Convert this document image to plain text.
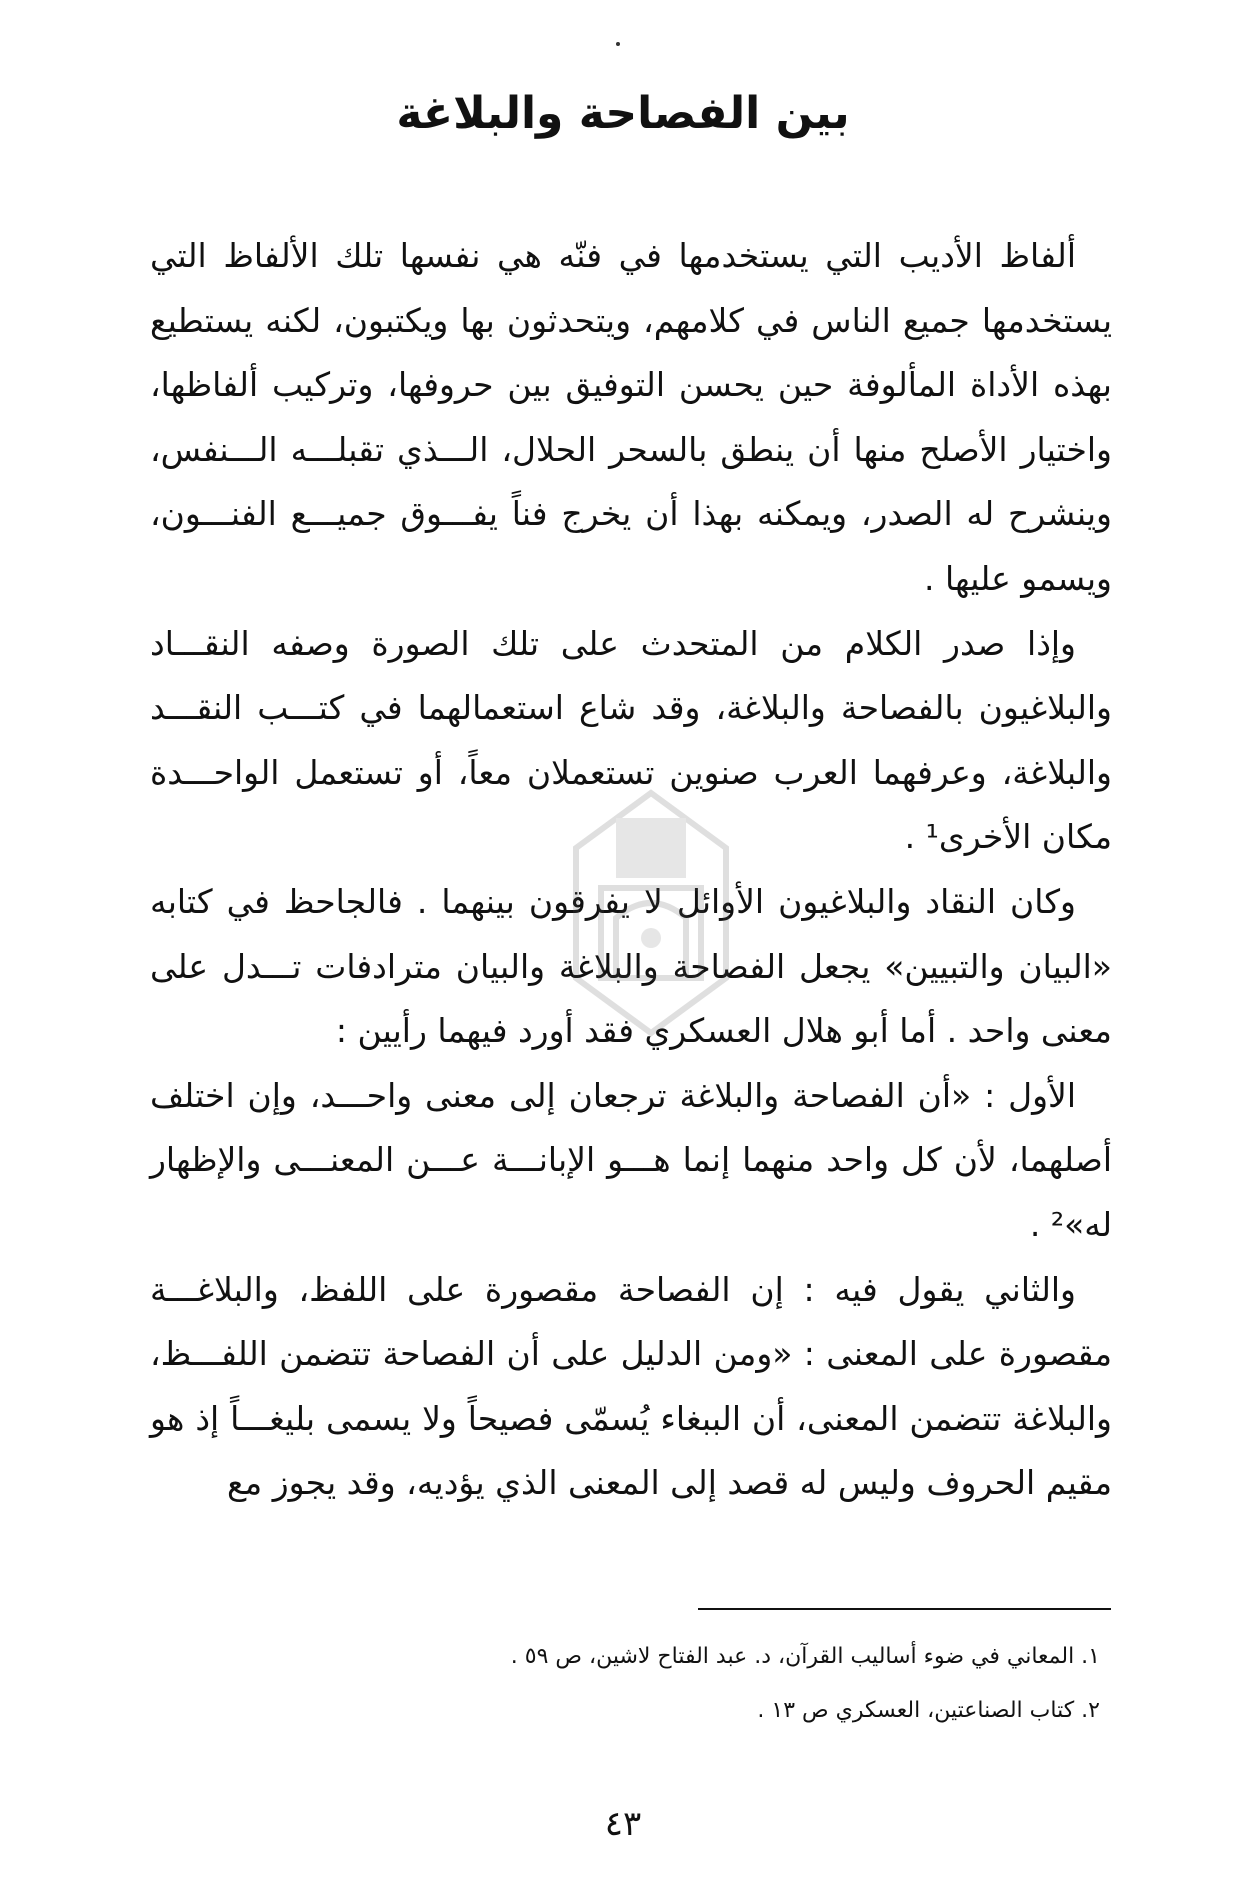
بين الفصاحة والبلاغة

ألفاظ الأديب التي يستخدمها في فنّه هي نفسها تلك الألفاظ التي يستخدمها جميع الناس في كلامهم، ويتحدثون بها ويكتبون، لكنه يستطيع بهذه الأداة المألوفة حين يحسن التوفيق بين حروفها، وتركيب ألفاظها، واختيار الأصلح منها أن ينطق بالسحر الحلال، الـــذي تقبلـــه الـــنفس، وينشرح له الصدر، ويمكنه بهذا أن يخرج فناً يفـــوق جميـــع الفنـــون، ويسمو عليها .

وإذا صدر الكلام من المتحدث على تلك الصورة وصفه النقـــاد والبلاغيون بالفصاحة والبلاغة، وقد شاع استعمالهما في كتـــب النقـــد والبلاغة، وعرفهما العرب صنوين تستعملان معاً، أو تستعمل الواحـــدة مكان الأخرى¹ .

وكان النقاد والبلاغيون الأوائل لا يفرقون بينهما . فالجاحظ في كتابه «البيان والتبيين» يجعل الفصاحة والبلاغة والبيان مترادفات تـــدل على معنى واحد . أما أبو هلال العسكري فقد أورد فيهما رأيين :

الأول : «أن الفصاحة والبلاغة ترجعان إلى معنى واحـــد، وإن اختلف أصلهما، لأن كل واحد منهما إنما هـــو الإبانـــة عـــن المعنـــى والإظهار له»² .

والثاني يقول فيه : إن الفصاحة مقصورة على اللفظ، والبلاغـــة مقصورة على المعنى : «ومن الدليل على أن الفصاحة تتضمن اللفـــظ، والبلاغة تتضمن المعنى، أن الببغاء يُسمّى فصيحاً ولا يسمى بليغـــاً إذ هو مقيم الحروف وليس له قصد إلى المعنى الذي يؤديه، وقد يجوز مع

١. المعاني في ضوء أساليب القرآن، د. عبد الفتاح لاشين، ص ٥٩ .

٢. كتاب الصناعتين، العسكري ص ١٣ .

٤٣
